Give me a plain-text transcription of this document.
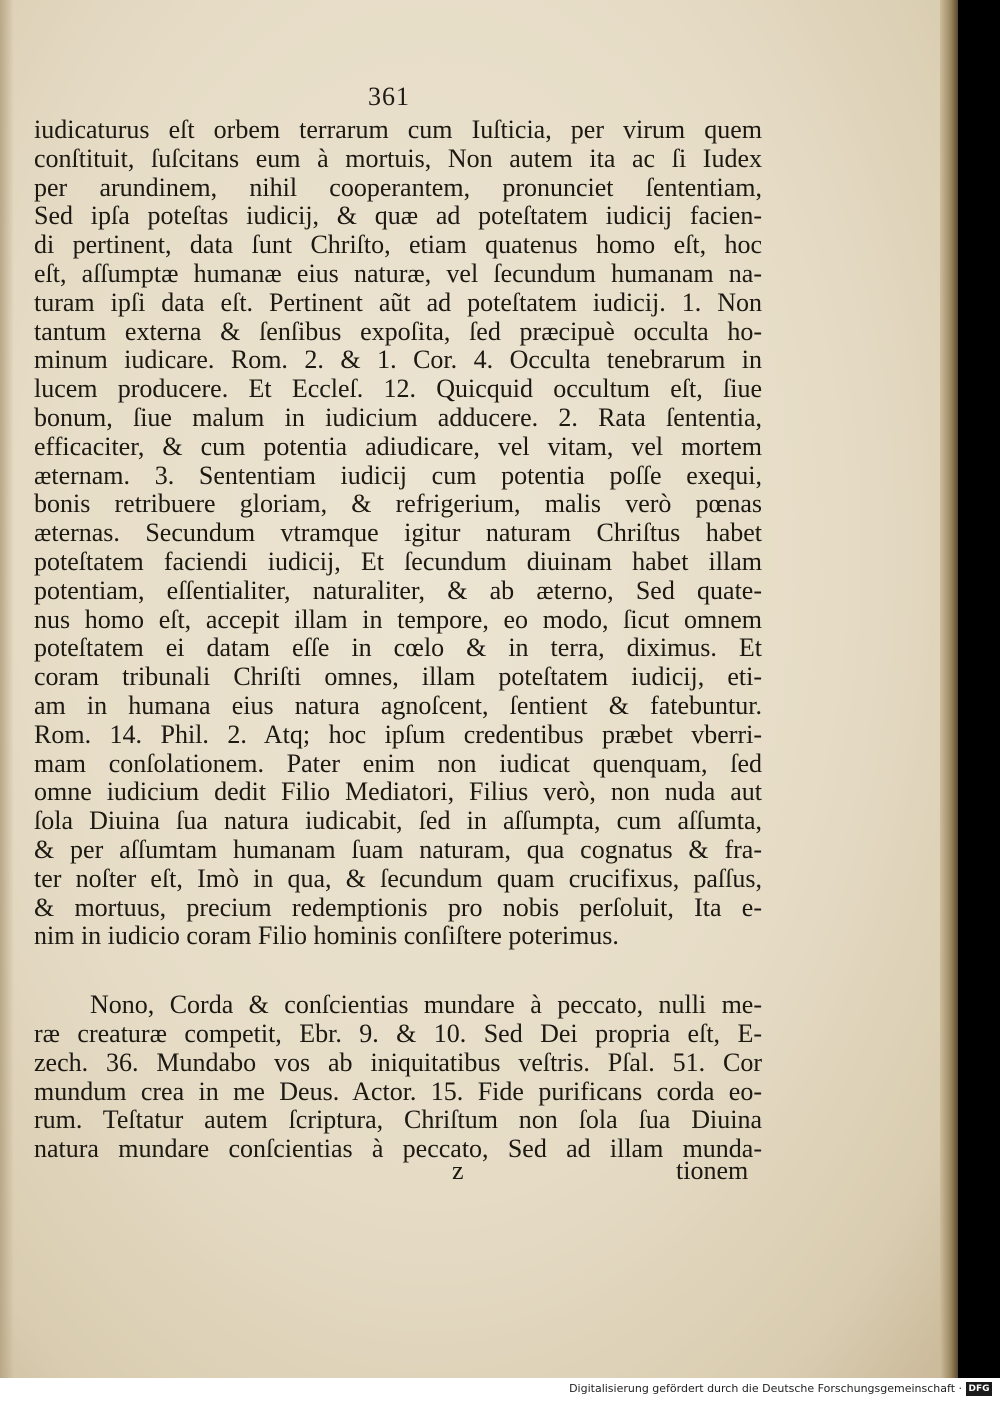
361
iudicaturus eſt orbem terrarum cum Iuſticia, per virum quem
conſtituit, ſuſcitans eum à mortuis, Non autem ita ac ſi Iudex
per arundinem, nihil cooperantem, pronunciet ſententiam,
Sed ipſa poteſtas iudicij, & quæ ad poteſtatem iudicij facien-
di pertinent, data ſunt Chriſto, etiam quatenus homo eſt, hoc
eſt, aſſumptæ humanæ eius naturæ, vel ſecundum humanam na-
turam ipſi data eſt. Pertinent aũt ad poteſtatem iudicij. 1. Non
tantum externa & ſenſibus expoſita, ſed præcipuè occulta ho-
minum iudicare. Rom. 2. & 1. Cor. 4. Occulta tenebrarum in
lucem producere. Et Eccleſ. 12. Quicquid occultum eſt, ſiue
bonum, ſiue malum in iudicium adducere. 2. Rata ſententia,
efficaciter, & cum potentia adiudicare, vel vitam, vel mortem
æternam. 3. Sententiam iudicij cum potentia poſſe exequi,
bonis retribuere gloriam, & refrigerium, malis verò pœnas
æternas. Secundum vtramque igitur naturam Chriſtus habet
poteſtatem faciendi iudicij, Et ſecundum diuinam habet illam
potentiam, eſſentialiter, naturaliter, & ab æterno, Sed quate-
nus homo eſt, accepit illam in tempore, eo modo, ſicut omnem
poteſtatem ei datam eſſe in cœlo & in terra, diximus. Et
coram tribunali Chriſti omnes, illam poteſtatem iudicij, eti-
am in humana eius natura agnoſcent, ſentient & fatebuntur.
Rom. 14. Phil. 2. Atq; hoc ipſum credentibus præbet vberri-
mam conſolationem. Pater enim non iudicat quenquam, ſed
omne iudicium dedit Filio Mediatori, Filius verò, non nuda aut
ſola Diuina ſua natura iudicabit, ſed in aſſumpta, cum aſſumta,
& per aſſumtam humanam ſuam naturam, qua cognatus & fra-
ter noſter eſt, Imò in qua, & ſecundum quam crucifixus, paſſus,
& mortuus, precium redemptionis pro nobis perſoluit, Ita e-
nim in iudicio coram Filio hominis conſiſtere poterimus.
Nono, Corda & conſcientias mundare à peccato, nulli me-
ræ creaturæ competit, Ebr. 9. & 10. Sed Dei propria eſt, E-
zech. 36. Mundabo vos ab iniquitatibus veſtris. Pſal. 51. Cor
mundum crea in me Deus. Actor. 15. Fide purificans corda eo-
rum. Teſtatur autem ſcriptura, Chriſtum non ſola ſua Diuina
natura mundare conſcientias à peccato, Sed ad illam munda-
z	tionem
Digitalisierung gefördert durch die Deutsche Forschungsgemeinschaft · DFG
